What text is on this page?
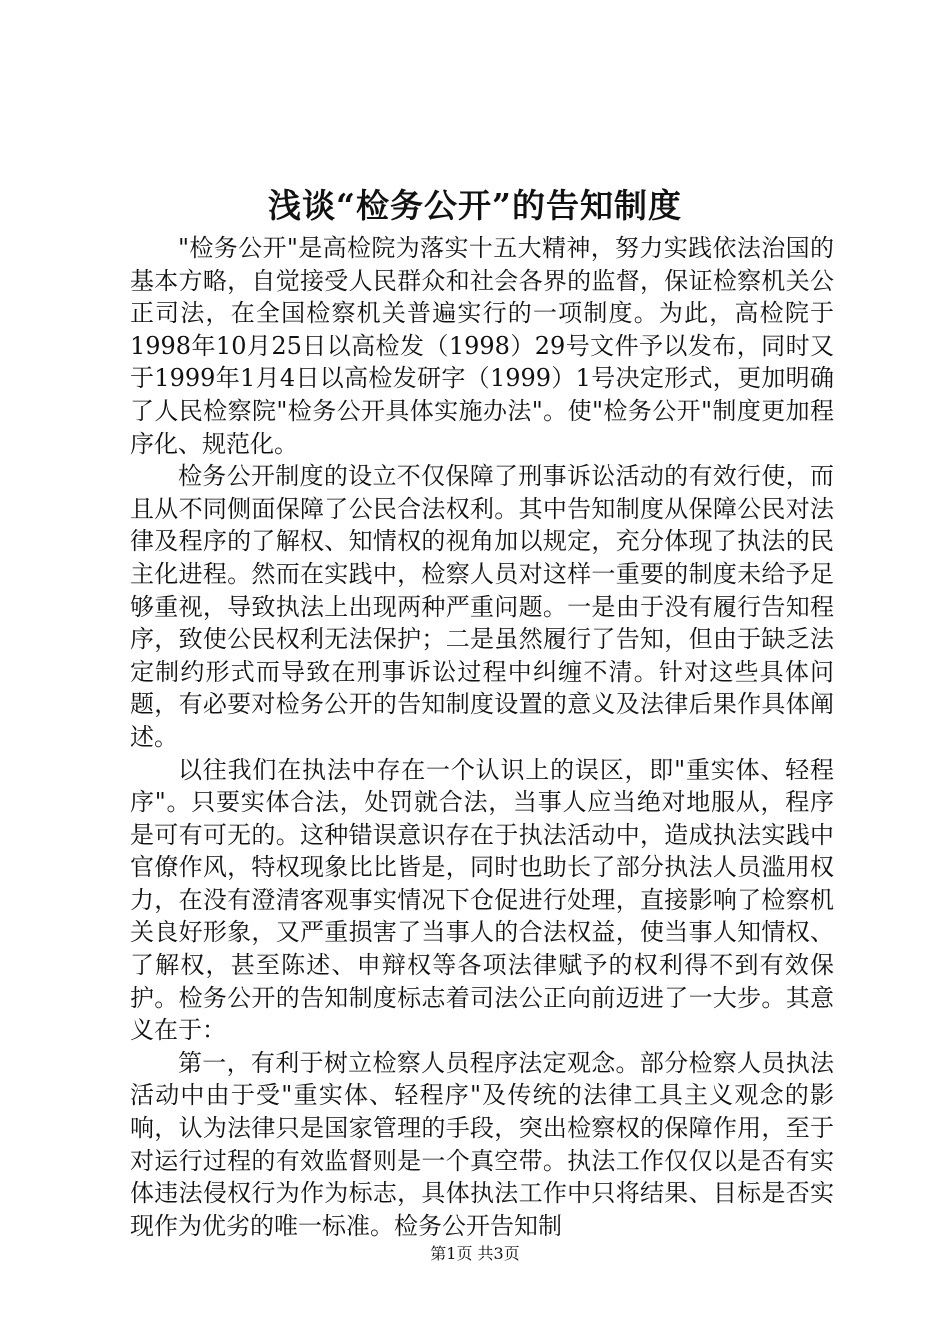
浅谈“检务公开”的告知制度

"检务公开"是高检院为落实十五大精神，努力实践依法治国的基本方略，自觉接受人民群众和社会各界的监督，保证检察机关公正司法，在全国检察机关普遍实行的一项制度。为此，高检院于1998年10月25日以高检发（1998）29号文件予以发布，同时又于1999年1月4日以高检发研字（1999）1号决定形式，更加明确了人民检察院"检务公开具体实施办法"。使"检务公开"制度更加程序化、规范化。

检务公开制度的设立不仅保障了刑事诉讼活动的有效行使，而且从不同侧面保障了公民合法权利。其中告知制度从保障公民对法律及程序的了解权、知情权的视角加以规定，充分体现了执法的民主化进程。然而在实践中，检察人员对这样一重要的制度未给予足够重视，导致执法上出现两种严重问题。一是由于没有履行告知程序，致使公民权利无法保护；二是虽然履行了告知，但由于缺乏法定制约形式而导致在刑事诉讼过程中纠缠不清。针对这些具体问题，有必要对检务公开的告知制度设置的意义及法律后果作具体阐述。

以往我们在执法中存在一个认识上的误区，即"重实体、轻程序"。只要实体合法，处罚就合法，当事人应当绝对地服从，程序是可有可无的。这种错误意识存在于执法活动中，造成执法实践中官僚作风，特权现象比比皆是，同时也助长了部分执法人员滥用权力，在没有澄清客观事实情况下仓促进行处理，直接影响了检察机关良好形象，又严重损害了当事人的合法权益，使当事人知情权、了解权，甚至陈述、申辩权等各项法律赋予的权利得不到有效保护。检务公开的告知制度标志着司法公正向前迈进了一大步。其意义在于：

第一，有利于树立检察人员程序法定观念。部分检察人员执法活动中由于受"重实体、轻程序"及传统的法律工具主义观念的影响，认为法律只是国家管理的手段，突出检察权的保障作用，至于对运行过程的有效监督则是一个真空带。执法工作仅仅以是否有实体违法侵权行为作为标志，具体执法工作中只将结果、目标是否实现作为优劣的唯一标准。检务公开告知制

第1页 共3页
